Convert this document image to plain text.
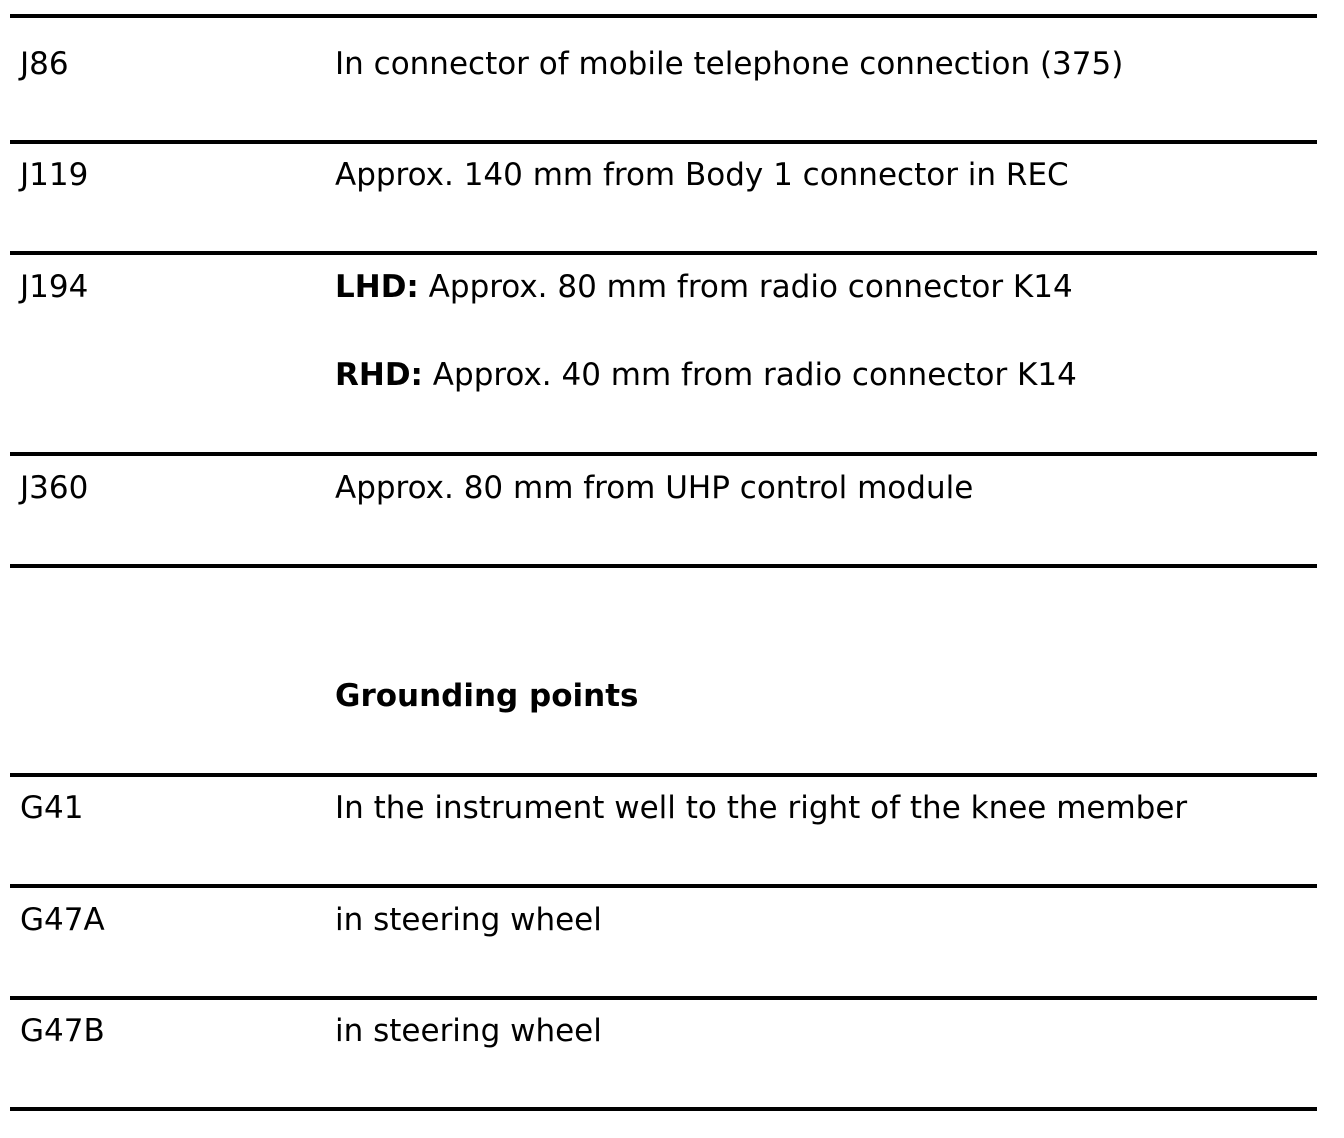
J86	In connector of mobile telephone connection (375)
J119	Approx. 140 mm from Body 1 connector in REC
J194	LHD: Approx. 80 mm from radio connector K14
RHD: Approx. 40 mm from radio connector K14
J360	Approx. 80 mm from UHP control module
Grounding points
G41	In the instrument well to the right of the knee member
G47A	in steering wheel
G47B	in steering wheel
